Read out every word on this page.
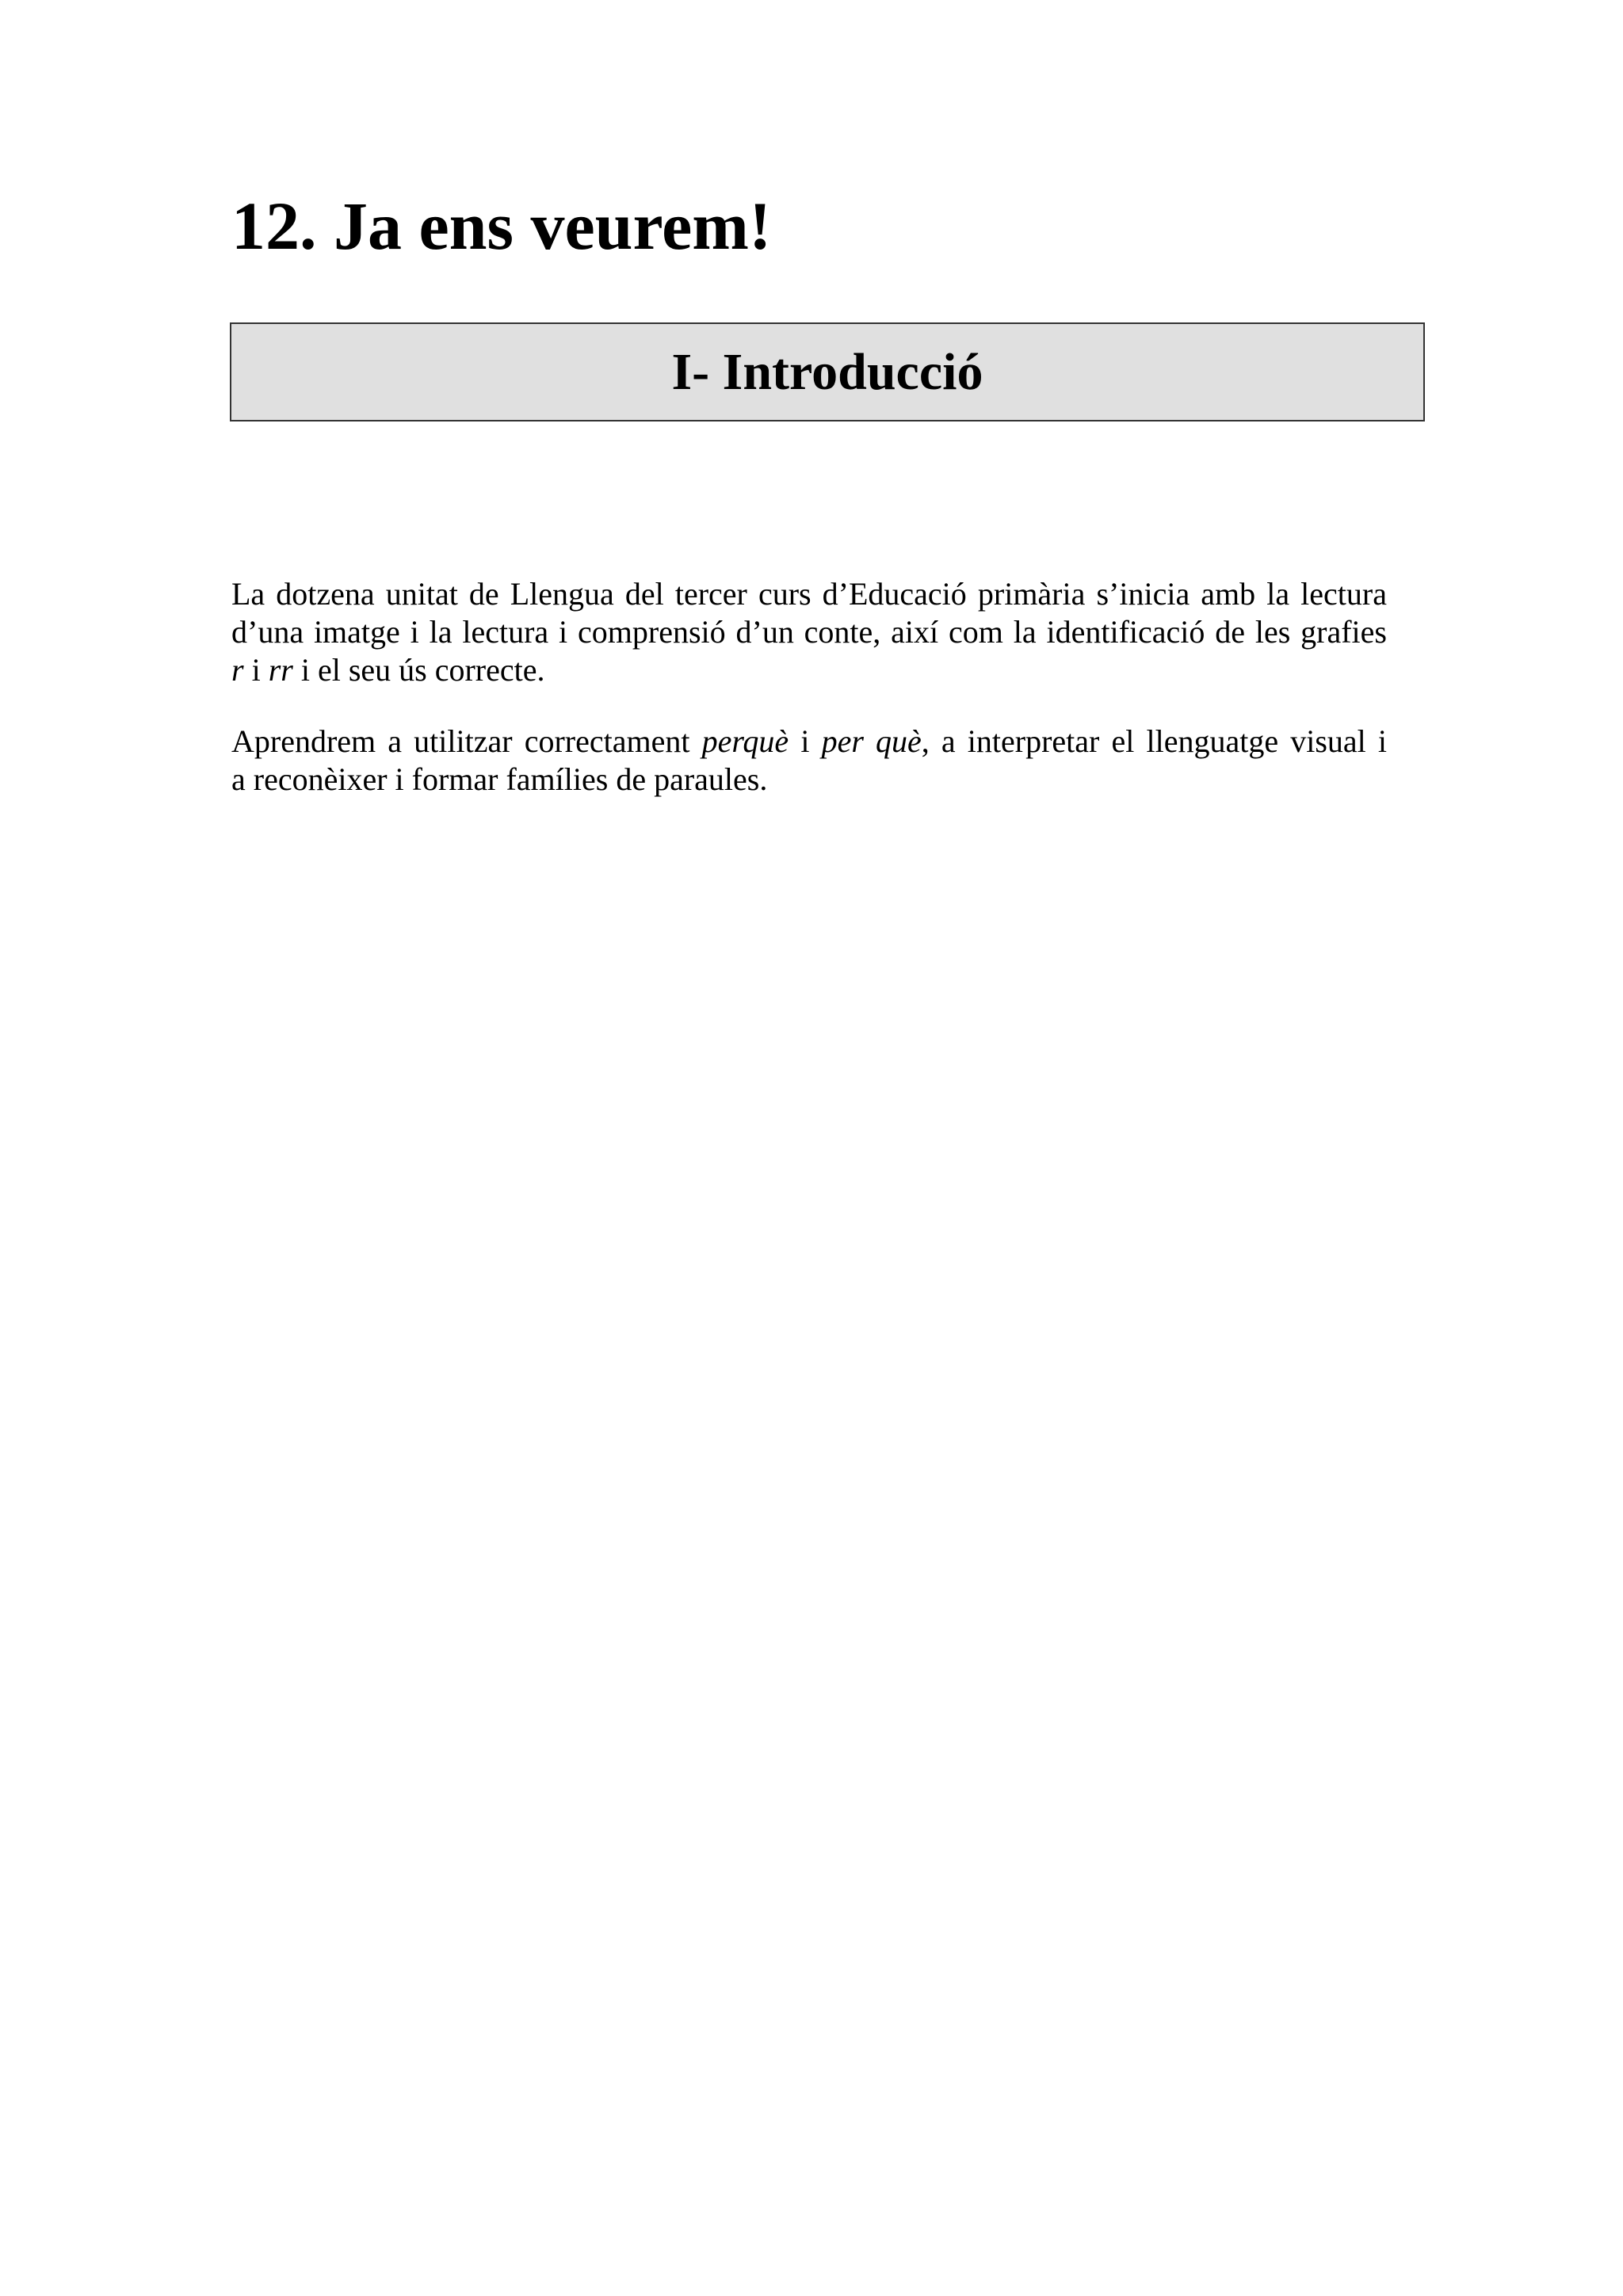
12. Ja ens veurem!
I- Introducció

La dotzena unitat de Llengua del tercer curs d’Educació primària s’inicia amb la lectura
d’una imatge i la lectura i comprensió d’un conte, així com la identificació de les grafies
r i rr i el seu ús correcte.

Aprendrem a utilitzar correctament perquè i per què, a interpretar el llenguatge visual i
a reconèixer i formar famílies de paraules.
